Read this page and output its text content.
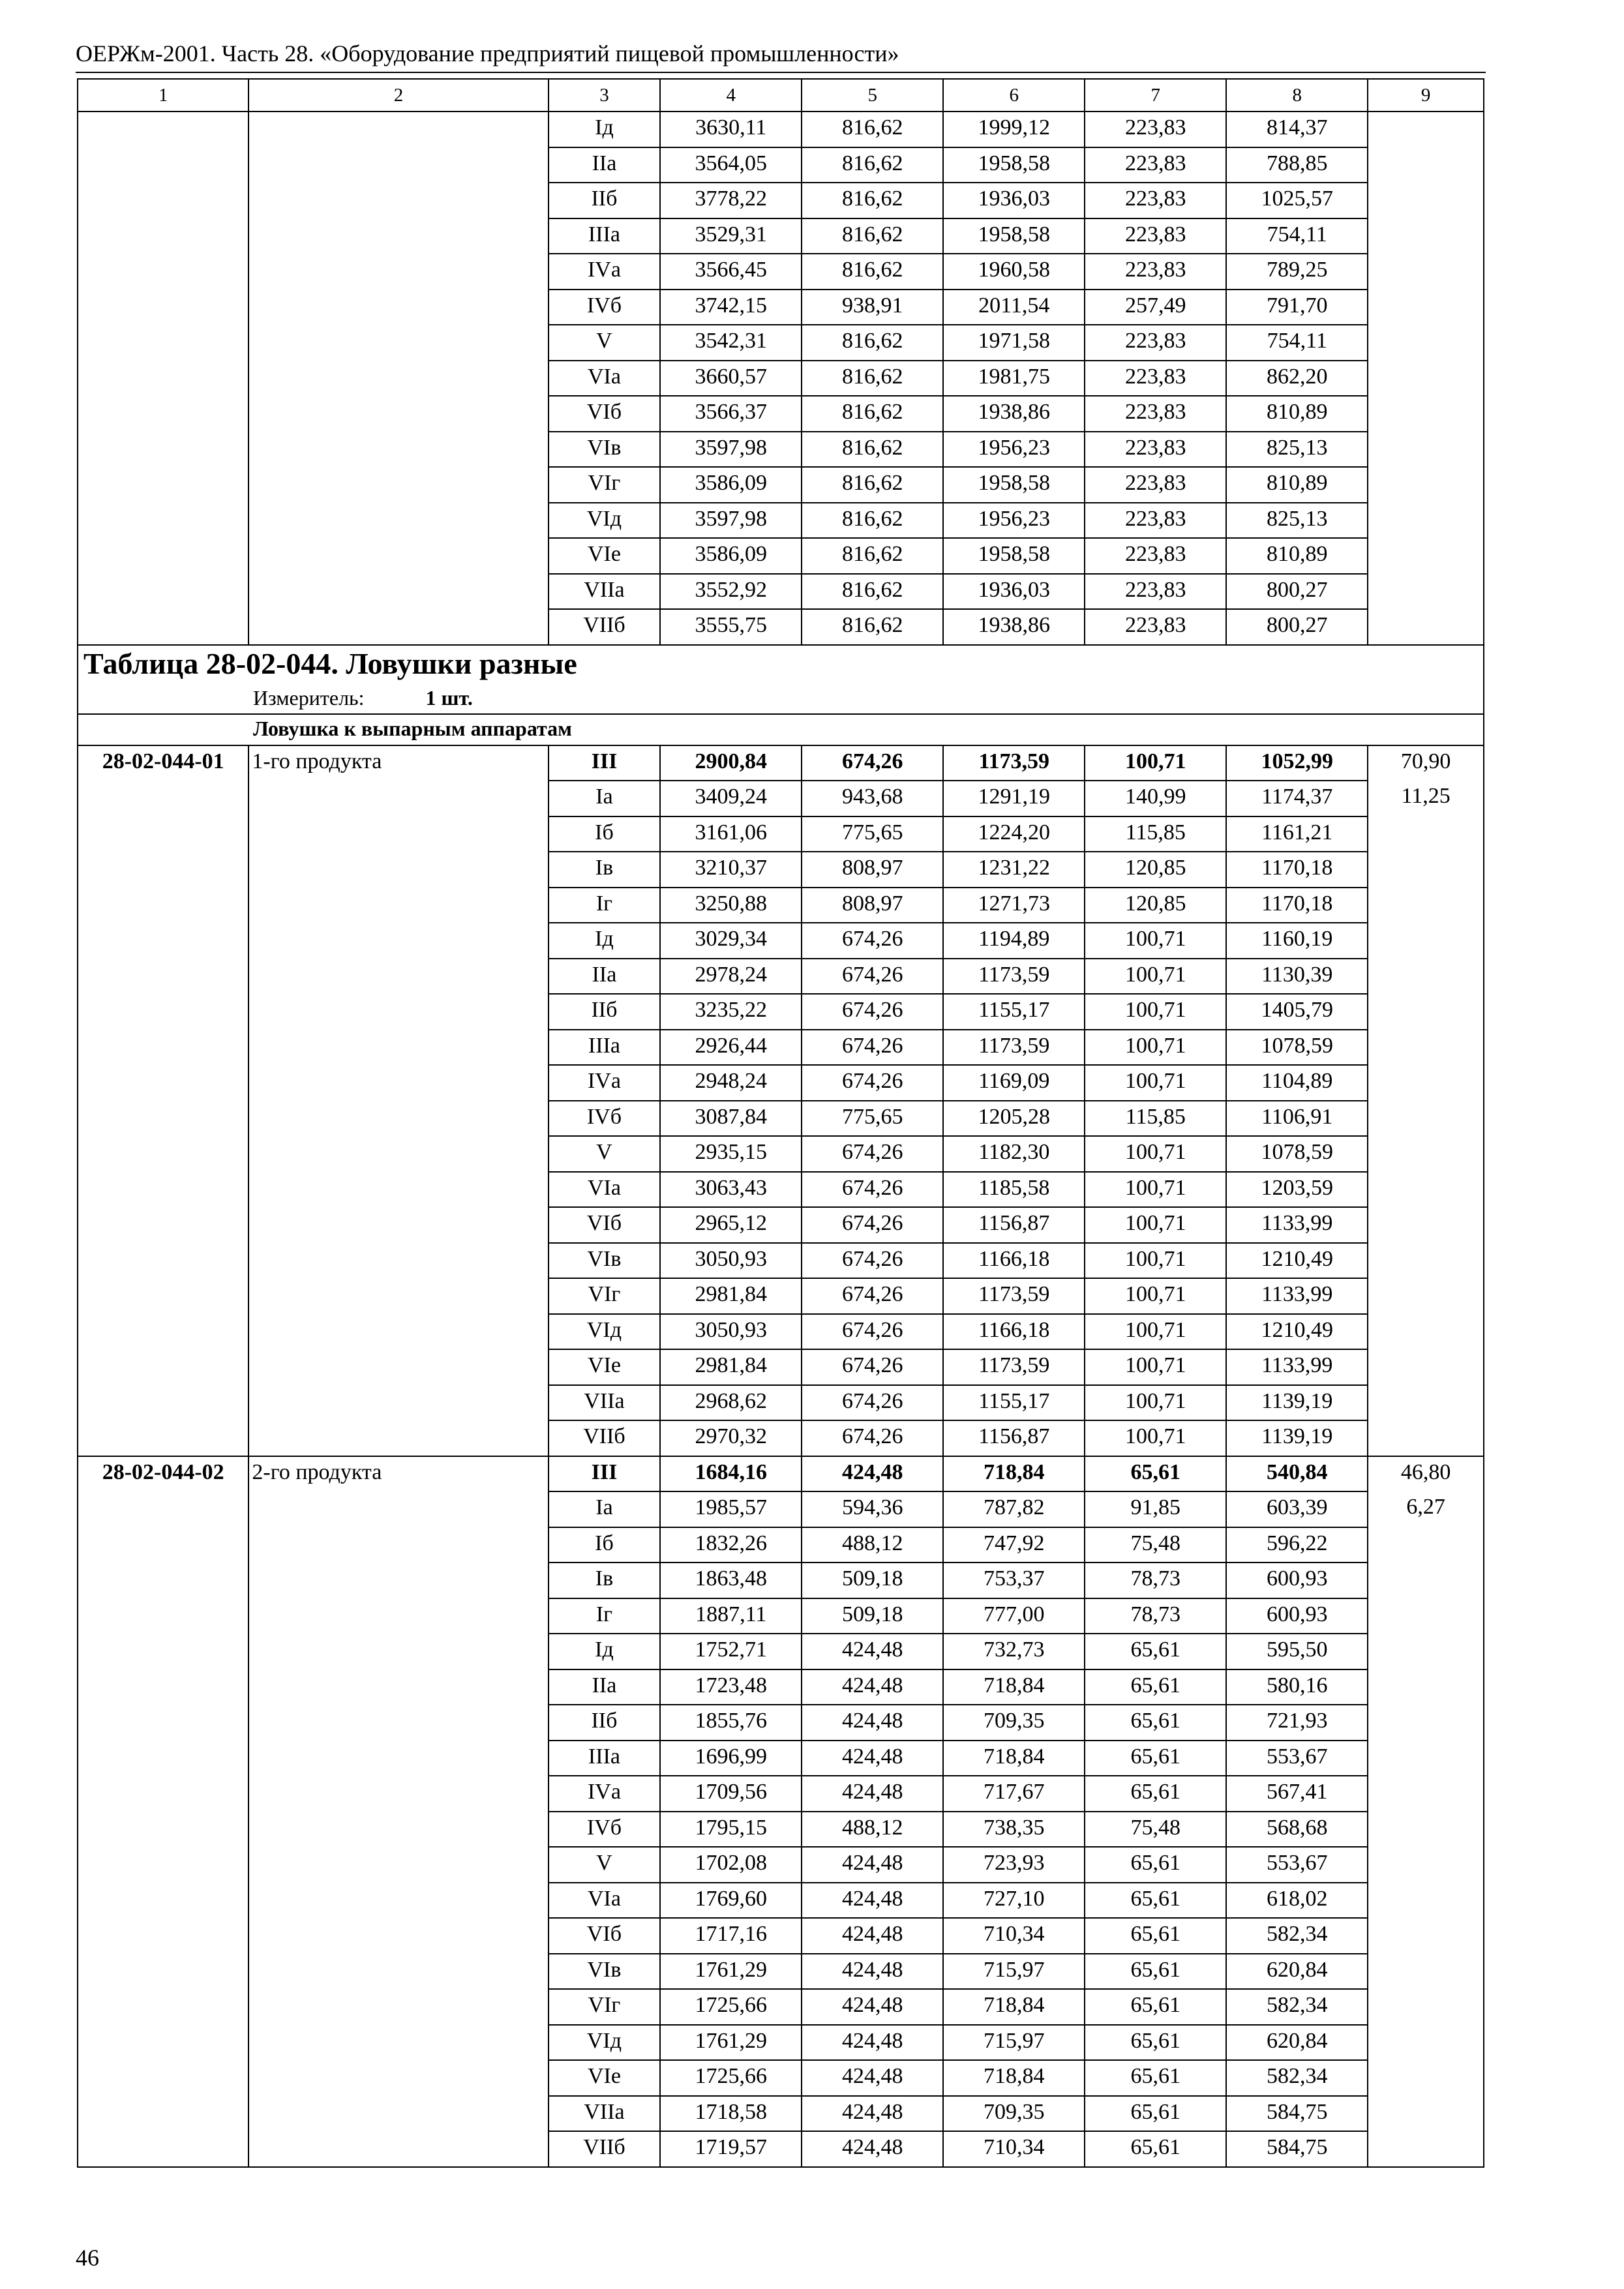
ОЕРЖм-2001. Часть 28. «Оборудование предприятий пищевой промышленности»
1	2	3	4	5	6	7	8	9
		Iд	3630,11	816,62	1999,12	223,83	814,37	
		IIа	3564,05	816,62	1958,58	223,83	788,85	
		IIб	3778,22	816,62	1936,03	223,83	1025,57	
		IIIа	3529,31	816,62	1958,58	223,83	754,11	
		IVа	3566,45	816,62	1960,58	223,83	789,25	
		IVб	3742,15	938,91	2011,54	257,49	791,70	
		V	3542,31	816,62	1971,58	223,83	754,11	
		VIа	3660,57	816,62	1981,75	223,83	862,20	
		VIб	3566,37	816,62	1938,86	223,83	810,89	
		VIв	3597,98	816,62	1956,23	223,83	825,13	
		VIг	3586,09	816,62	1958,58	223,83	810,89	
		VIд	3597,98	816,62	1956,23	223,83	825,13	
		VIе	3586,09	816,62	1958,58	223,83	810,89	
		VIIа	3552,92	816,62	1936,03	223,83	800,27	
		VIIб	3555,75	816,62	1938,86	223,83	800,27	
Таблица 28-02-044. Ловушки разные								
Измеритель: 1 шт.								
Ловушка к выпарным аппаратам								
28-02-044-01	1-го продукта	III	2900,84	674,26	1173,59	100,71	1052,99	70,90
		Iа	3409,24	943,68	1291,19	140,99	1174,37	11,25
		Iб	3161,06	775,65	1224,20	115,85	1161,21	
		Iв	3210,37	808,97	1231,22	120,85	1170,18	
		Iг	3250,88	808,97	1271,73	120,85	1170,18	
		Iд	3029,34	674,26	1194,89	100,71	1160,19	
		IIа	2978,24	674,26	1173,59	100,71	1130,39	
		IIб	3235,22	674,26	1155,17	100,71	1405,79	
		IIIа	2926,44	674,26	1173,59	100,71	1078,59	
		IVа	2948,24	674,26	1169,09	100,71	1104,89	
		IVб	3087,84	775,65	1205,28	115,85	1106,91	
		V	2935,15	674,26	1182,30	100,71	1078,59	
		VIа	3063,43	674,26	1185,58	100,71	1203,59	
		VIб	2965,12	674,26	1156,87	100,71	1133,99	
		VIв	3050,93	674,26	1166,18	100,71	1210,49	
		VIг	2981,84	674,26	1173,59	100,71	1133,99	
		VIд	3050,93	674,26	1166,18	100,71	1210,49	
		VIе	2981,84	674,26	1173,59	100,71	1133,99	
		VIIа	2968,62	674,26	1155,17	100,71	1139,19	
		VIIб	2970,32	674,26	1156,87	100,71	1139,19	
28-02-044-02	2-го продукта	III	1684,16	424,48	718,84	65,61	540,84	46,80
		Iа	1985,57	594,36	787,82	91,85	603,39	6,27
		Iб	1832,26	488,12	747,92	75,48	596,22	
		Iв	1863,48	509,18	753,37	78,73	600,93	
		Iг	1887,11	509,18	777,00	78,73	600,93	
		Iд	1752,71	424,48	732,73	65,61	595,50	
		IIа	1723,48	424,48	718,84	65,61	580,16	
		IIб	1855,76	424,48	709,35	65,61	721,93	
		IIIа	1696,99	424,48	718,84	65,61	553,67	
		IVа	1709,56	424,48	717,67	65,61	567,41	
		IVб	1795,15	488,12	738,35	75,48	568,68	
		V	1702,08	424,48	723,93	65,61	553,67	
		VIа	1769,60	424,48	727,10	65,61	618,02	
		VIб	1717,16	424,48	710,34	65,61	582,34	
		VIв	1761,29	424,48	715,97	65,61	620,84	
		VIг	1725,66	424,48	718,84	65,61	582,34	
		VIд	1761,29	424,48	715,97	65,61	620,84	
		VIе	1725,66	424,48	718,84	65,61	582,34	
		VIIа	1718,58	424,48	709,35	65,61	584,75	
		VIIб	1719,57	424,48	710,34	65,61	584,75	
46
